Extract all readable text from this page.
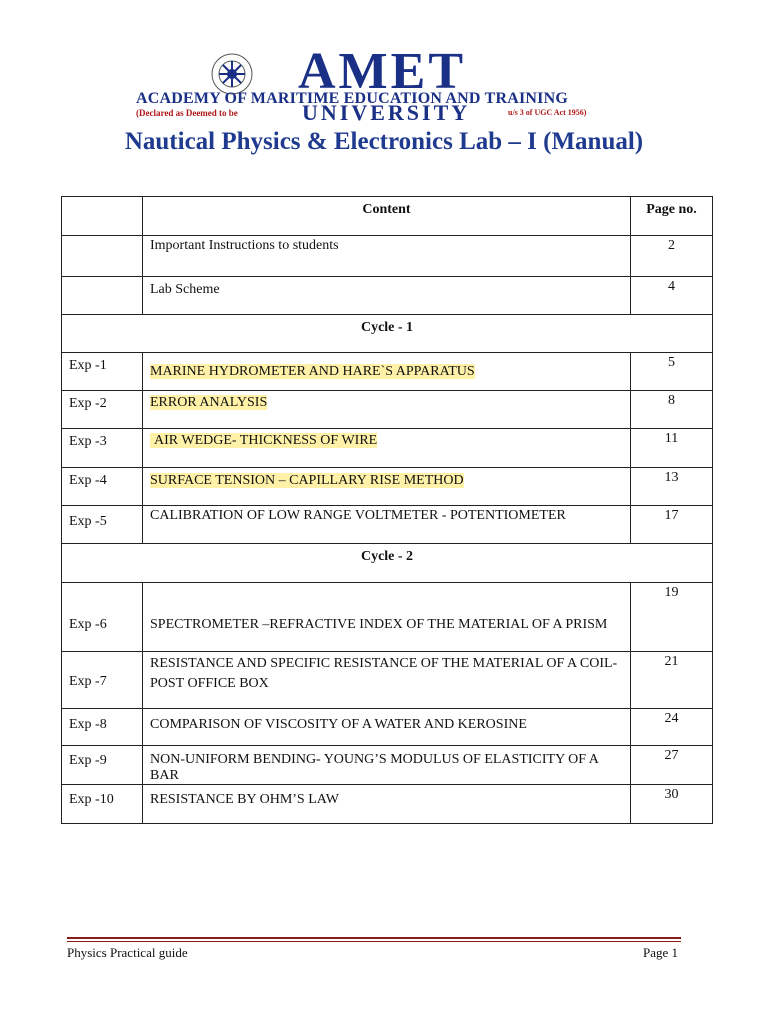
AMET
ACADEMY OF MARITIME EDUCATION AND TRAINING
(Declared as Deemed to be	UNIVERSITY	u/s 3 of UGC Act 1956)
Nautical Physics & Electronics Lab – I (Manual)
	Content	Page no.
	Important Instructions to students	2
	Lab Scheme	4
Cycle - 1		
Exp -1	MARINE HYDROMETER AND HARE`S APPARATUS	5
Exp -2	ERROR ANALYSIS	8
Exp -3	AIR WEDGE- THICKNESS OF WIRE	11
Exp -4	SURFACE TENSION – CAPILLARY RISE METHOD	13
Exp -5	CALIBRATION OF LOW RANGE VOLTMETER - POTENTIOMETER	17
Cycle - 2		
Exp -6	SPECTROMETER –REFRACTIVE INDEX OF THE MATERIAL OF A PRISM	19
Exp -7	RESISTANCE AND SPECIFIC RESISTANCE OF THE MATERIAL OF A COIL-POST OFFICE BOX	21
Exp -8	COMPARISON OF VISCOSITY OF A WATER AND KEROSINE	24
Exp -9	NON-UNIFORM BENDING- YOUNG’S MODULUS OF ELASTICITY OF A BAR	27
Exp -10	RESISTANCE BY OHM’S LAW	30
Physics Practical guide	Page 1
